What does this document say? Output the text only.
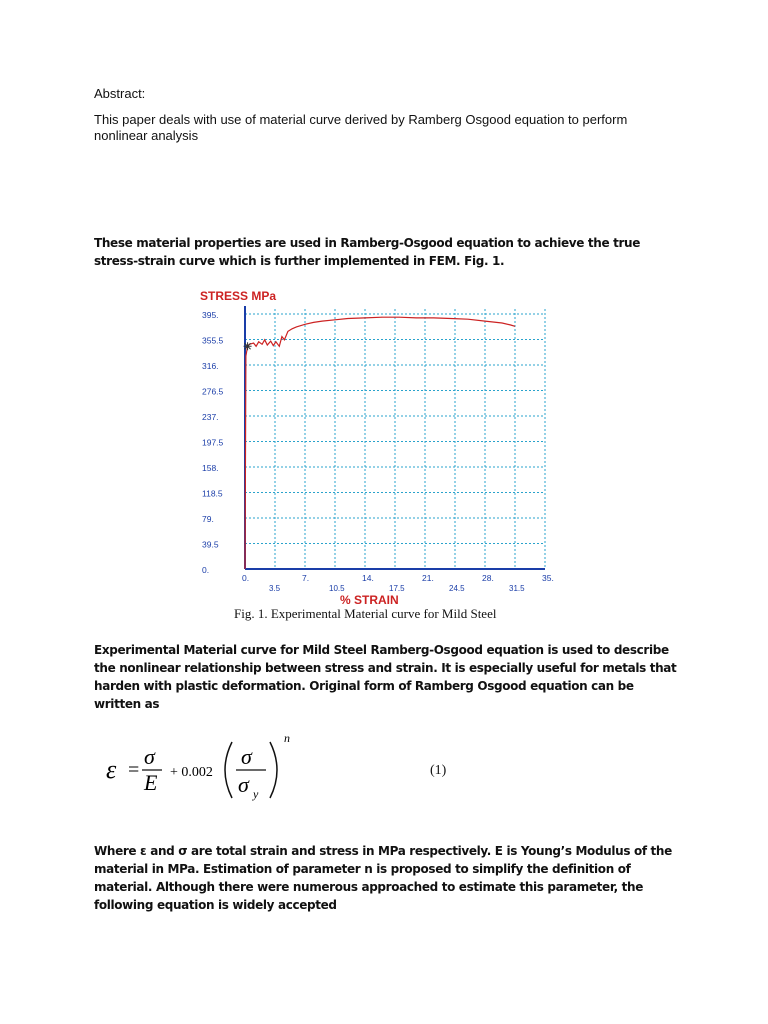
Abstract:
This paper deals with use of material curve derived by Ramberg Osgood equation to perform nonlinear analysis
These material properties are used in Ramberg-Osgood equation to achieve the true stress-strain curve which is further implemented in FEM. Fig. 1.
STRESS MPa
% STRAIN
395.
355.5
316.
276.5
237.
197.5
158.
118.5
79.
39.5
0.
0.	7.	14.	21.	28.	35.
3.5	10.5	17.5	24.5	31.5
Fig. 1. Experimental Material curve for Mild Steel
Experimental Material curve for Mild Steel Ramberg-Osgood equation is used to describe the nonlinear relationship between stress and strain. It is especially useful for metals that harden with plastic deformation. Original form of Ramberg Osgood equation can be written as
ε =
σ
E + 0.002
σ
σ y
n
(1)
Where ε and σ are total strain and stress in MPa respectively. E is Young’s Modulus of the material in MPa. Estimation of parameter n is proposed to simplify the definition of material. Although there were numerous approached to estimate this parameter, the following equation is widely accepted
